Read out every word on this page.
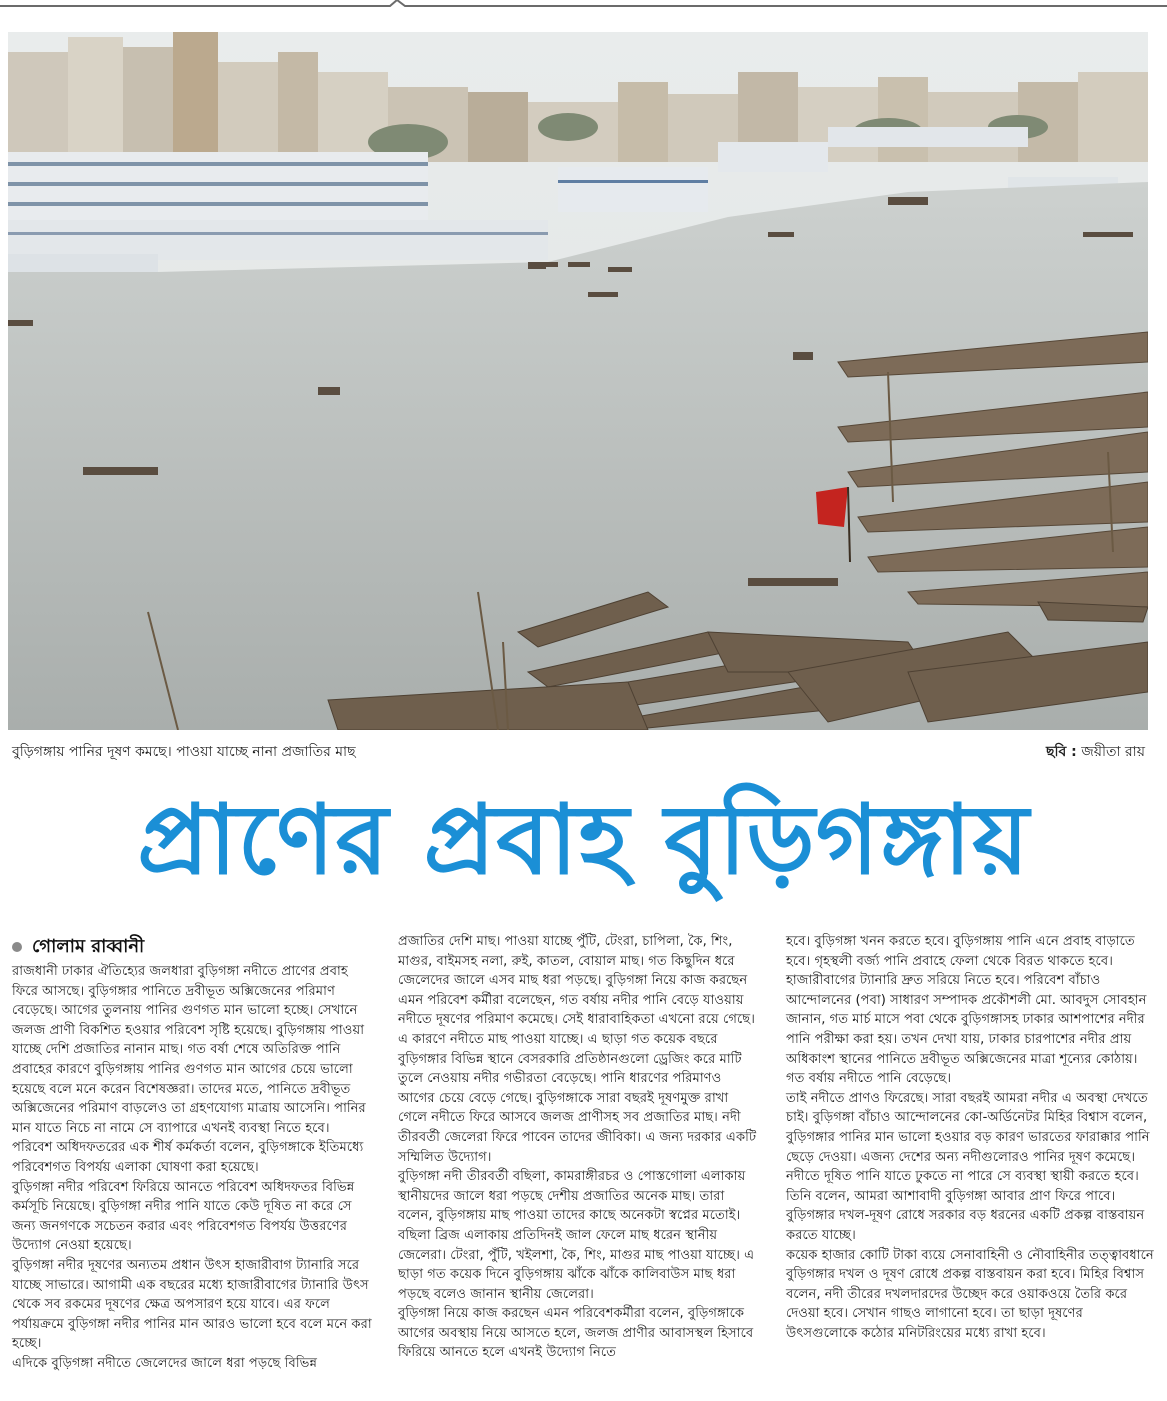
বুড়িগঙ্গায় পানির দূষণ কমছে। পাওয়া যাচ্ছে নানা প্রজাতির মাছ	ছবি : জয়ীতা রায়
প্রাণের প্রবাহ বুড়িগঙ্গায়
গোলাম রাব্বানী

রাজধানী ঢাকার ঐতিহ্যের জলধারা বুড়িগঙ্গা নদীতে প্রাণের প্রবাহ ফিরে আসছে। বুড়িগঙ্গার পানিতে দ্রবীভূত অক্সিজেনের পরিমাণ বেড়েছে। আগের তুলনায় পানির গুণগত মান ভালো হচ্ছে। সেখানে জলজ প্রাণী বিকশিত হওয়ার পরিবেশ সৃষ্টি হয়েছে। বুড়িগঙ্গায় পাওয়া যাচ্ছে দেশি প্রজাতির নানান মাছ। গত বর্ষা শেষে অতিরিক্ত পানি প্রবাহের কারণে বুড়িগঙ্গায় পানির গুণগত মান আগের চেয়ে ভালো হয়েছে বলে মনে করেন বিশেষজ্ঞরা। তাদের মতে, পানিতে দ্রবীভূত অক্সিজেনের পরিমাণ বাড়লেও তা গ্রহণযোগ্য মাত্রায় আসেনি। পানির মান যাতে নিচে না নামে সে ব্যাপারে এখনই ব্যবস্থা নিতে হবে। পরিবেশ অধিদফতরের এক শীর্ষ কর্মকর্তা বলেন, বুড়িগঙ্গাকে ইতিমধ্যে পরিবেশগত বিপর্যয় এলাকা ঘোষণা করা হয়েছে।

বুড়িগঙ্গা নদীর পরিবেশ ফিরিয়ে আনতে পরিবেশ অধিদফতর বিভিন্ন কর্মসূচি নিয়েছে। বুড়িগঙ্গা নদীর পানি যাতে কেউ দূষিত না করে সে জন্য জনগণকে সচেতন করার এবং পরিবেশগত বিপর্যয় উত্তরণের উদ্যোগ নেওয়া হয়েছে।

বুড়িগঙ্গা নদীর দূষণের অন্যতম প্রধান উৎস হাজারীবাগ ট্যানারি সরে যাচ্ছে সাভারে। আগামী এক বছরের মধ্যে হাজারীবাগের ট্যানারি উৎস থেকে সব রকমের দূষণের ক্ষেত্র অপসারণ হয়ে যাবে। এর ফলে পর্যায়ক্রমে বুড়িগঙ্গা নদীর পানির মান আরও ভালো হবে বলে মনে করা হচ্ছে।

এদিকে বুড়িগঙ্গা নদীতে জেলেদের জালে ধরা পড়ছে বিভিন্ন

প্রজাতির দেশি মাছ। পাওয়া যাচ্ছে পুঁটি, টেংরা, চাপিলা, কৈ, শিং, মাগুর, বাইমসহ নলা, রুই, কাতল, বোয়াল মাছ। গত কিছুদিন ধরে জেলেদের জালে এসব মাছ ধরা পড়ছে। বুড়িগঙ্গা নিয়ে কাজ করছেন এমন পরিবেশ কর্মীরা বলেছেন, গত বর্ষায় নদীর পানি বেড়ে যাওয়ায় নদীতে দূষণের পরিমাণ কমেছে। সেই ধারাবাহিকতা এখনো রয়ে গেছে। এ কারণে নদীতে মাছ পাওয়া যাচ্ছে। এ ছাড়া গত কয়েক বছরে বুড়িগঙ্গার বিভিন্ন স্থানে বেসরকারি প্রতিষ্ঠানগুলো ড্রেজিং করে মাটি তুলে নেওয়ায় নদীর গভীরতা বেড়েছে। পানি ধারণের পরিমাণও আগের চেয়ে বেড়ে গেছে। বুড়িগঙ্গাকে সারা বছরই দূষণমুক্ত রাখা গেলে নদীতে ফিরে আসবে জলজ প্রাণীসহ সব প্রজাতির মাছ। নদী তীরবর্তী জেলেরা ফিরে পাবেন তাদের জীবিকা। এ জন্য দরকার একটি সম্মিলিত উদ্যোগ।

বুড়িগঙ্গা নদী তীরবর্তী বছিলা, কামরাঙ্গীরচর ও পোস্তগোলা এলাকায় স্থানীয়দের জালে ধরা পড়ছে দেশীয় প্রজাতির অনেক মাছ। তারা বলেন, বুড়িগঙ্গায় মাছ পাওয়া তাদের কাছে অনেকটা স্বপ্নের মতোই। বছিলা ব্রিজ এলাকায় প্রতিদিনই জাল ফেলে মাছ ধরেন স্থানীয় জেলেরা। টেংরা, পুঁটি, খইলশা, কৈ, শিং, মাগুর মাছ পাওয়া যাচ্ছে। এ ছাড়া গত কয়েক দিনে বুড়িগঙ্গায় ঝাঁকে ঝাঁকে কালিবাউস মাছ ধরা পড়ছে বলেও জানান স্থানীয় জেলেরা।

বুড়িগঙ্গা নিয়ে কাজ করছেন এমন পরিবেশকর্মীরা বলেন, বুড়িগঙ্গাকে আগের অবস্থায় নিয়ে আসতে হলে, জলজ প্রাণীর আবাসস্থল হিসাবে ফিরিয়ে আনতে হলে এখনই উদ্যোগ নিতে

হবে। বুড়িগঙ্গা খনন করতে হবে। বুড়িগঙ্গায় পানি এনে প্রবাহ বাড়াতে হবে। গৃহস্থলী বর্জ্য পানি প্রবাহে ফেলা থেকে বিরত থাকতে হবে। হাজারীবাগের ট্যানারি দ্রুত সরিয়ে নিতে হবে। পরিবেশ বাঁচাও আন্দোলনের (পবা) সাধারণ সম্পাদক প্রকৌশলী মো. আবদুস সোবহান জানান, গত মার্চ মাসে পবা থেকে বুড়িগঙ্গাসহ ঢাকার আশপাশের নদীর পানি পরীক্ষা করা হয়। তখন দেখা যায়, ঢাকার চারপাশের নদীর প্রায় অধিকাংশ স্থানের পানিতে দ্রবীভূত অক্সিজেনের মাত্রা শূন্যের কোঠায়। গত বর্ষায় নদীতে পানি বেড়েছে।

তাই নদীতে প্রাণও ফিরেছে। সারা বছরই আমরা নদীর এ অবস্থা দেখতে চাই। বুড়িগঙ্গা বাঁচাও আন্দোলনের কো-অর্ডিনেটর মিহির বিশ্বাস বলেন, বুড়িগঙ্গার পানির মান ভালো হওয়ার বড় কারণ ভারতের ফারাক্কার পানি ছেড়ে দেওয়া। এজন্য দেশের অন্য নদীগুলোরও পানির দূষণ কমেছে। নদীতে দূষিত পানি যাতে ঢুকতে না পারে সে ব্যবস্থা স্থায়ী করতে হবে। তিনি বলেন, আমরা আশাবাদী বুড়িগঙ্গা আবার প্রাণ ফিরে পাবে। বুড়িগঙ্গার দখল-দূষণ রোধে সরকার বড় ধরনের একটি প্রকল্প বাস্তবায়ন করতে যাচ্ছে।

কয়েক হাজার কোটি টাকা ব্যয়ে সেনাবাহিনী ও নৌবাহিনীর তত্ত্বাবধানে বুড়িগঙ্গার দখল ও দূষণ রোধে প্রকল্প বাস্তবায়ন করা হবে। মিহির বিশ্বাস বলেন, নদী তীরের দখলদারদের উচ্ছেদ করে ওয়াকওয়ে তৈরি করে দেওয়া হবে। সেখান গাছও লাগানো হবে। তা ছাড়া দূষণের উৎসগুলোকে কঠোর মনিটরিংয়ের মধ্যে রাখা হবে।
